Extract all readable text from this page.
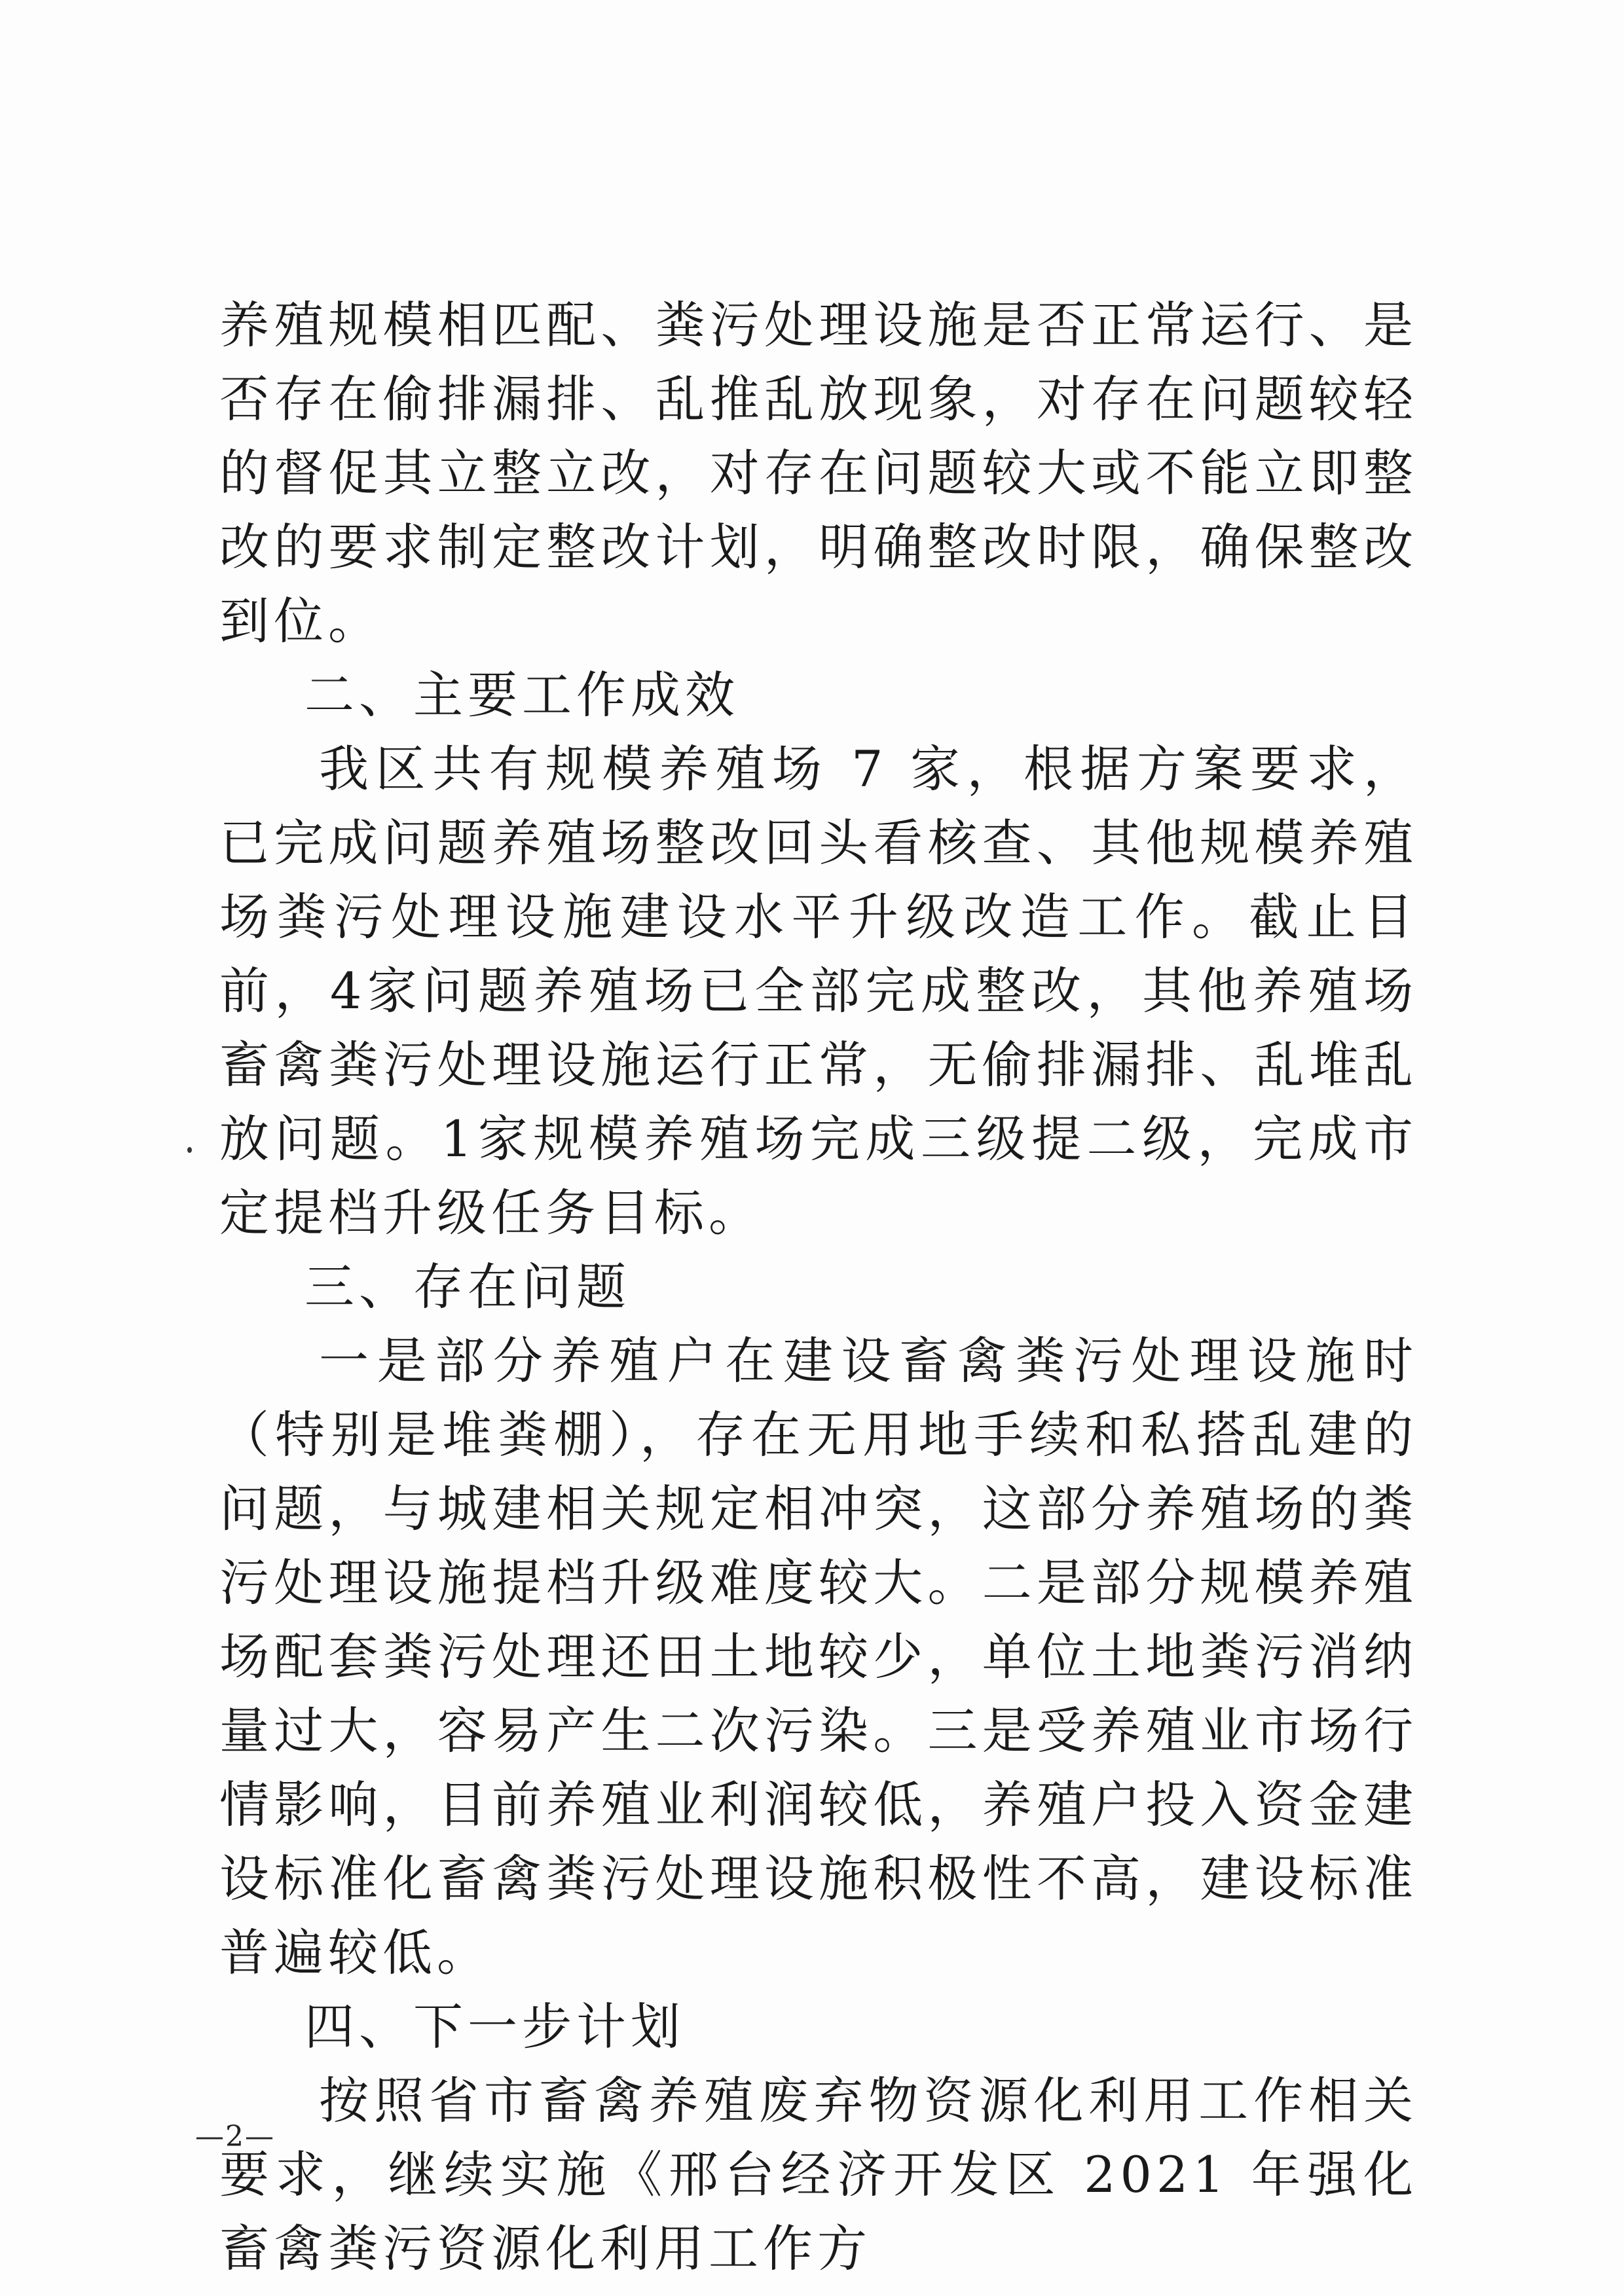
养殖规模相匹配、粪污处理设施是否正常运行、是否存在偷排漏排、乱推乱放现象，对存在问题较轻的督促其立整立改，对存在问题较大或不能立即整改的要求制定整改计划，明确整改时限，确保整改到位。

二、主要工作成效

我区共有规模养殖场 7 家，根据方案要求，已完成问题养殖场整改回头看核查、其他规模养殖场粪污处理设施建设水平升级改造工作。截止目前，4家问题养殖场已全部完成整改，其他养殖场畜禽粪污处理设施运行正常，无偷排漏排、乱堆乱放问题。1家规模养殖场完成三级提二级，完成市定提档升级任务目标。

三、存在问题

一是部分养殖户在建设畜禽粪污处理设施时（特别是堆粪棚），存在无用地手续和私搭乱建的问题，与城建相关规定相冲突，这部分养殖场的粪污处理设施提档升级难度较大。二是部分规模养殖场配套粪污处理还田土地较少，单位土地粪污消纳量过大，容易产生二次污染。三是受养殖业市场行情影响，目前养殖业利润较低，养殖户投入资金建设标准化畜禽粪污处理设施积极性不高，建设标准普遍较低。

四、下一步计划

按照省市畜禽养殖废弃物资源化利用工作相关要求，继续实施《邢台经济开发区 2021 年强化畜禽粪污资源化利用工作方

—2—
